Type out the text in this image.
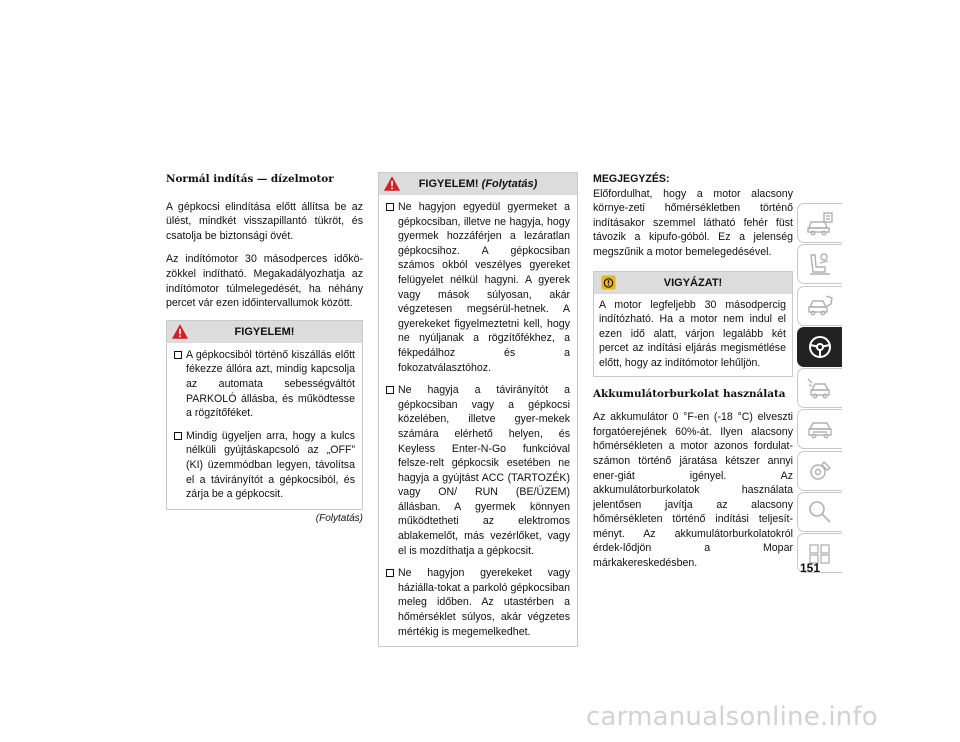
Normál indítás — dízelmotor

A gépkocsi elindítása előtt állítsa be az ülést, mindkét visszapillantó tükröt, és csatolja be biztonsági övét.

Az indítómotor 30 másodperces időkö-zökkel indítható. Megakadályozhatja az indítómotor túlmelegedését, ha néhány percet vár ezen időintervallumok között.

FIGYELEM!
A gépkocsiból történő kiszállás előtt fékezze állóra azt, mindig kapcsolja az automata sebességváltót PARKOLÓ állásba, és működtesse a rögzítőféket.
Mindig ügyeljen arra, hogy a kulcs nélküli gyújtáskapcsoló az „OFF” (KI) üzemmódban legyen, távolítsa el a távirányítót a gépkocsiból, és zárja be a gépkocsit.
(Folytatás)
FIGYELEM! (Folytatás)
Ne hagyjon egyedül gyermeket a gépkocsiban, illetve ne hagyja, hogy gyermek hozzáférjen a lezáratlan gépkocsihoz. A gépkocsiban számos okból veszélyes gyereket felügyelet nélkül hagyni. A gyerek vagy mások súlyosan, akár végzetesen megsérül-hetnek. A gyerekeket figyelmeztetni kell, hogy ne nyúljanak a rögzítőfékhez, a fékpedálhoz és a fokozatválasztóhoz.
Ne hagyja a távirányítót a gépkocsiban vagy a gépkocsi közelében, illetve gyer-mekek számára elérhető helyen, és Keyless Enter-N-Go funkcióval felsze-relt gépkocsik esetében ne hagyja a gyújtást ACC (TARTOZÉK) vagy ON/ RUN (BE/ÜZEM) állásban. A gyermek könnyen működtetheti az elektromos ablakemelőt, más vezérlőket, vagy el is mozdíthatja a gépkocsit.
Ne hagyjon gyerekeket vagy háziálla-tokat a parkoló gépkocsiban meleg időben. Az utastérben a hőmérséklet súlyos, akár végzetes mértékig is megemelkedhet.
MEGJEGYZÉS:

Előfordulhat, hogy a motor alacsony környe-zeti hőmérsékletben történő indításakor szemmel látható fehér füst távozik a kipufo-góból. Ez a jelenség megszűnik a motor bemelegedésével.

VIGYÁZAT!
A motor legfeljebb 30 másodpercig indítózható. Ha a motor nem indul el ezen idő alatt, várjon legalább két percet az indítási eljárás megismétlése előtt, hogy az indítómotor lehűljön.
Akkumulátorburkolat használata

Az akkumulátor 0 °F-en (-18 °C) elveszti forgatóerejének 60%-át. Ilyen alacsony hőmérsékleten a motor azonos fordulat-számon történő járatása kétszer annyi ener-giát igényel. Az akkumulátorburkolatok használata jelentősen javítja az alacsony hőmérsékleten történő indítási teljesít-ményt. Az akkumulátorburkolatokról érdek-lődjön a Mopar márkakereskedésben.	151
carmanualsonline.info
